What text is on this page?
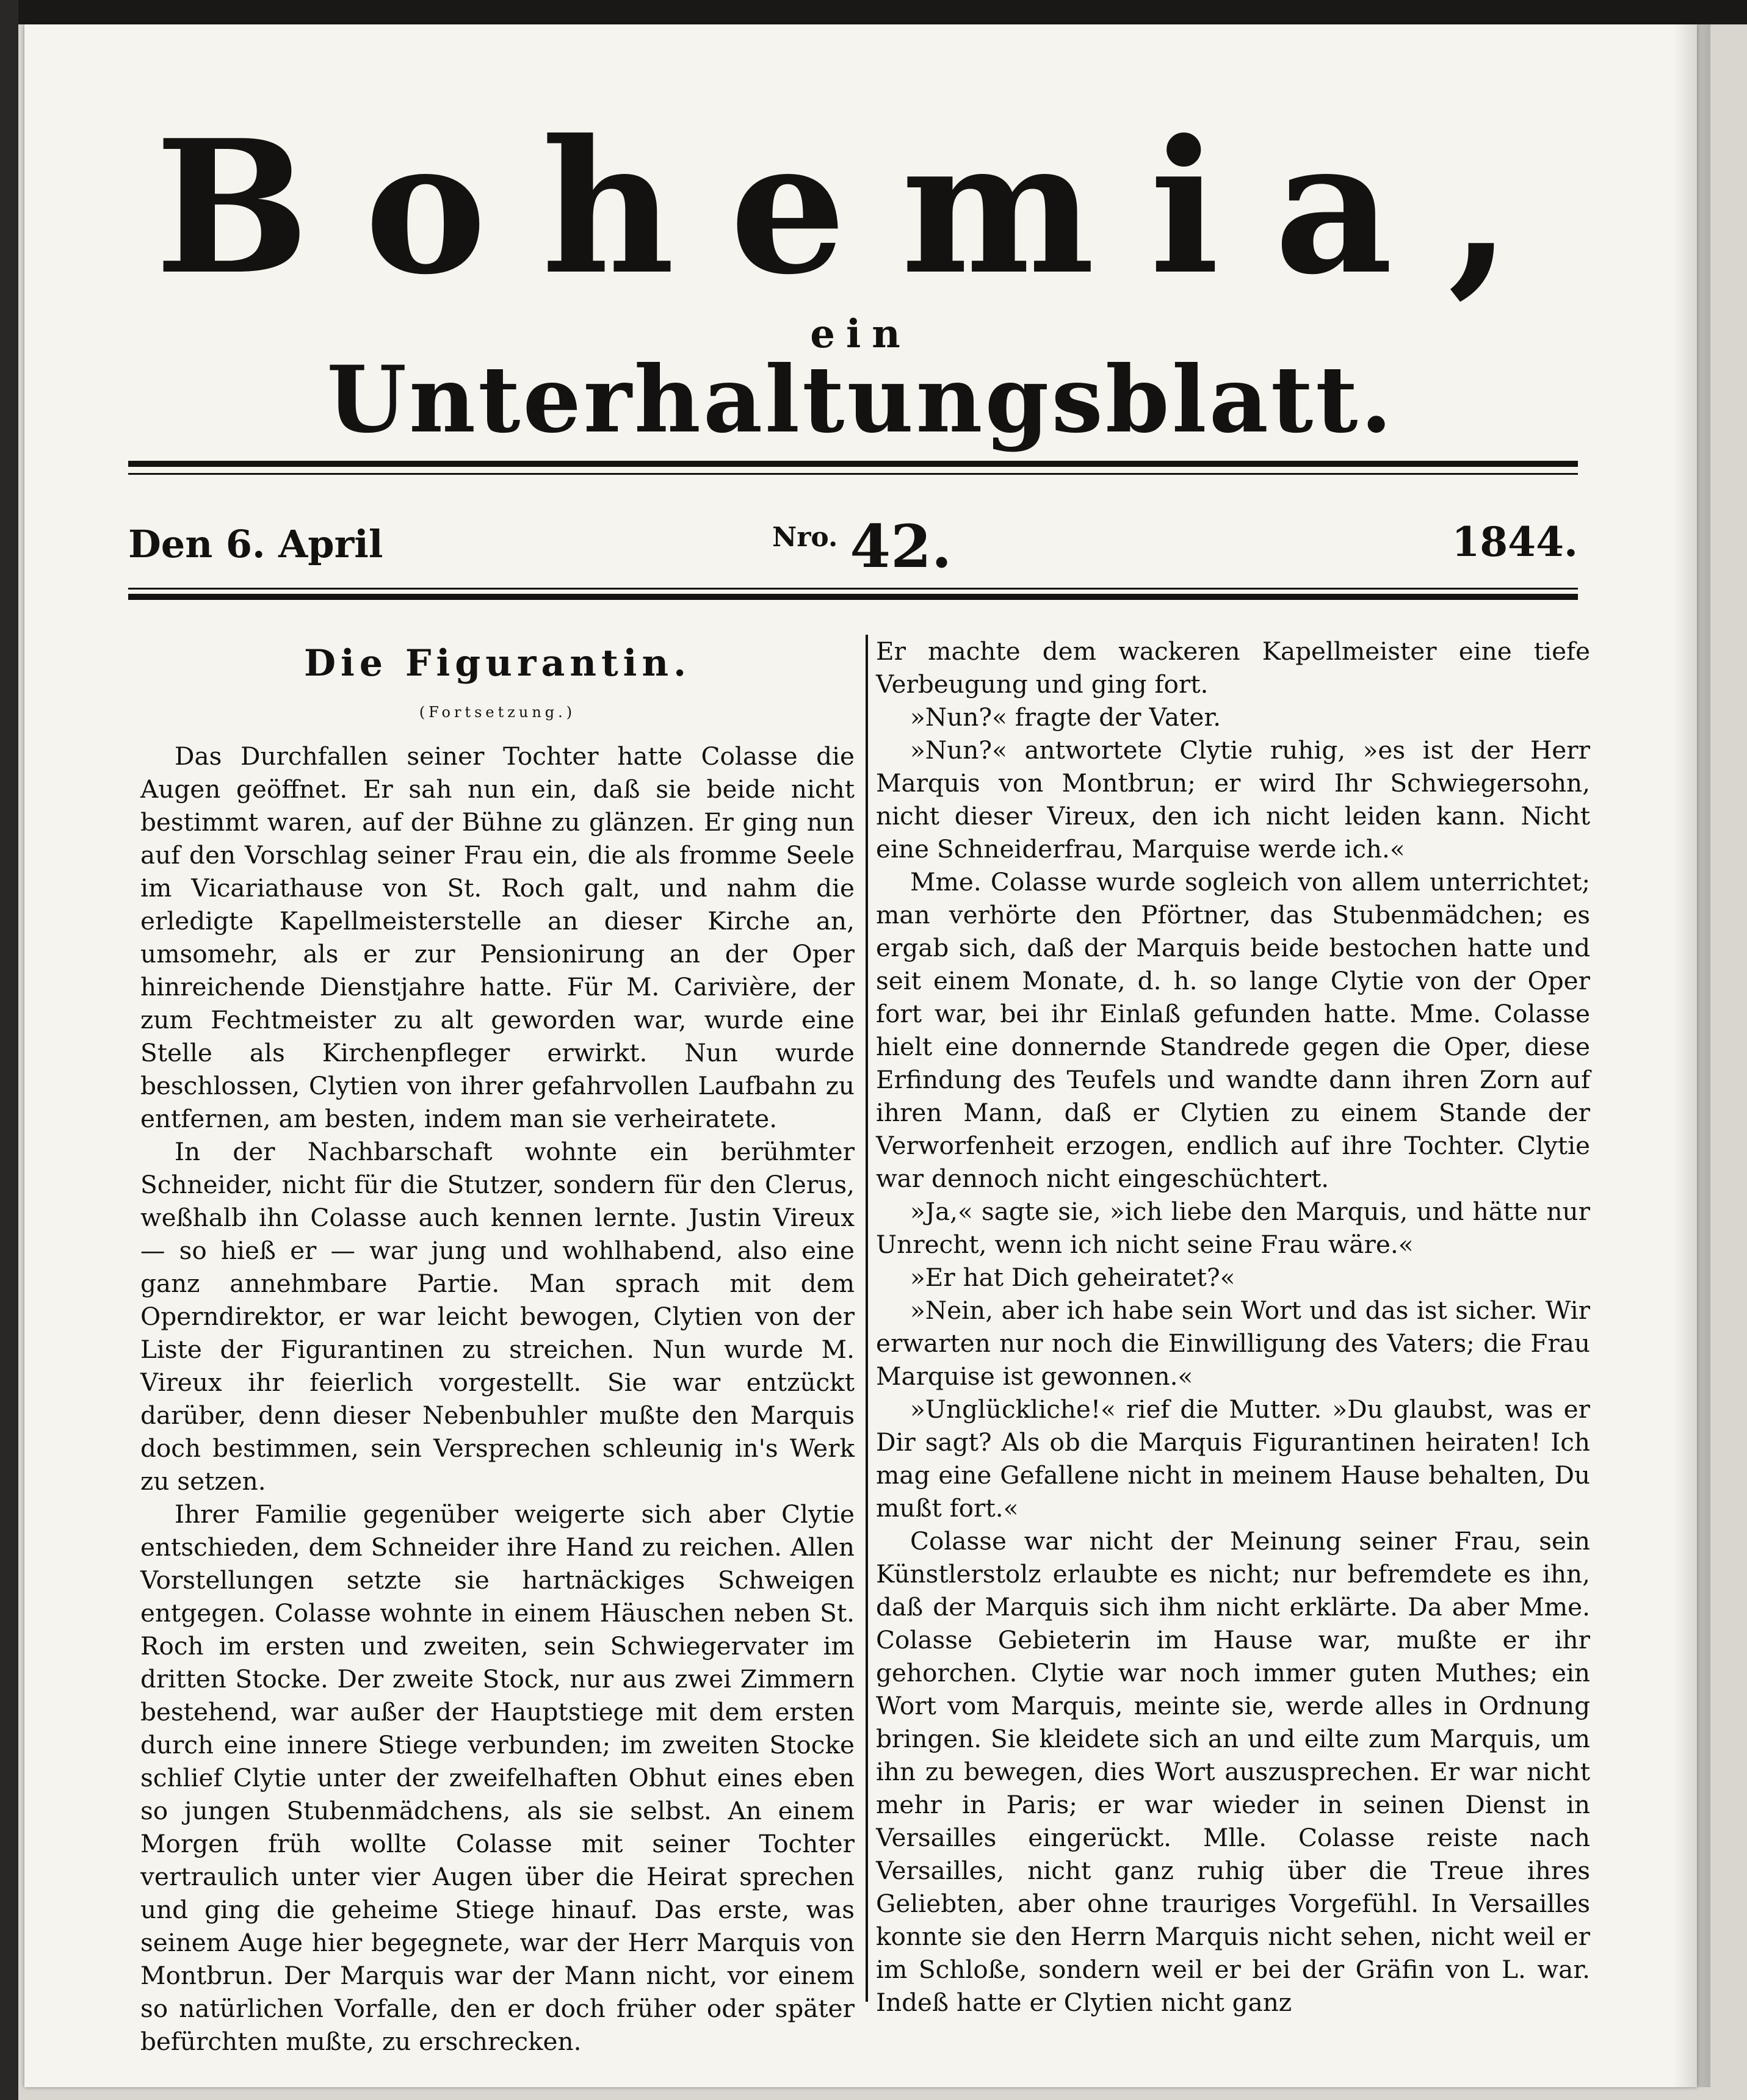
Bohemia,
ein
Unterhaltungsblatt.
Den 6. April	$^{Nro.}$ 42.	1844.
Die Figurantin.
(Fortsetzung.)

Das Durchfallen seiner Tochter hatte Colasse die Augen geöffnet. Er sah nun ein, daß sie beide nicht bestimmt waren, auf der Bühne zu glänzen. Er ging nun auf den Vorschlag seiner Frau ein, die als fromme Seele im Vicariathause von St. Roch galt, und nahm die erledigte Kapellmeisterstelle an dieser Kirche an, umsomehr, als er zur Pensionirung an der Oper hinreichende Dienstjahre hatte. Für M. Carivière, der zum Fechtmeister zu alt geworden war, wurde eine Stelle als Kirchenpfleger erwirkt. Nun wurde beschlossen, Clytien von ihrer gefahrvollen Laufbahn zu entfernen, am besten, indem man sie verheiratete.

In der Nachbarschaft wohnte ein berühmter Schneider, nicht für die Stutzer, sondern für den Clerus, weßhalb ihn Colasse auch kennen lernte. Justin Vireux — so hieß er — war jung und wohlhabend, also eine ganz annehmbare Partie. Man sprach mit dem Operndirektor, er war leicht bewogen, Clytien von der Liste der Figurantinen zu streichen. Nun wurde M. Vireux ihr feierlich vorgestellt. Sie war entzückt darüber, denn dieser Nebenbuhler mußte den Marquis doch bestimmen, sein Versprechen schleunig in's Werk zu setzen.

Ihrer Familie gegenüber weigerte sich aber Clytie entschieden, dem Schneider ihre Hand zu reichen. Allen Vorstellungen setzte sie hartnäckiges Schweigen entgegen. Colasse wohnte in einem Häuschen neben St. Roch im ersten und zweiten, sein Schwiegervater im dritten Stocke. Der zweite Stock, nur aus zwei Zimmern bestehend, war außer der Hauptstiege mit dem ersten durch eine innere Stiege verbunden; im zweiten Stocke schlief Clytie unter der zweifelhaften Obhut eines eben so jungen Stubenmädchens, als sie selbst. An einem Morgen früh wollte Colasse mit seiner Tochter vertraulich unter vier Augen über die Heirat sprechen und ging die geheime Stiege hinauf. Das erste, was seinem Auge hier begegnete, war der Herr Marquis von Montbrun. Der Marquis war der Mann nicht, vor einem so natürlichen Vorfalle, den er doch früher oder später befürchten mußte, zu erschrecken.

Er machte dem wackeren Kapellmeister eine tiefe Verbeugung und ging fort.

»Nun?« fragte der Vater.

»Nun?« antwortete Clytie ruhig, »es ist der Herr Marquis von Montbrun; er wird Ihr Schwiegersohn, nicht dieser Vireux, den ich nicht leiden kann. Nicht eine Schneiderfrau, Marquise werde ich.«

Mme. Colasse wurde sogleich von allem unterrichtet; man verhörte den Pförtner, das Stubenmädchen; es ergab sich, daß der Marquis beide bestochen hatte und seit einem Monate, d. h. so lange Clytie von der Oper fort war, bei ihr Einlaß gefunden hatte. Mme. Colasse hielt eine donnernde Standrede gegen die Oper, diese Erfindung des Teufels und wandte dann ihren Zorn auf ihren Mann, daß er Clytien zu einem Stande der Verworfenheit erzogen, endlich auf ihre Tochter. Clytie war dennoch nicht eingeschüchtert.

»Ja,« sagte sie, »ich liebe den Marquis, und hätte nur Unrecht, wenn ich nicht seine Frau wäre.«

»Er hat Dich geheiratet?«

»Nein, aber ich habe sein Wort und das ist sicher. Wir erwarten nur noch die Einwilligung des Vaters; die Frau Marquise ist gewonnen.«

»Unglückliche!« rief die Mutter. »Du glaubst, was er Dir sagt? Als ob die Marquis Figurantinen heiraten! Ich mag eine Gefallene nicht in meinem Hause behalten, Du mußt fort.«

Colasse war nicht der Meinung seiner Frau, sein Künstlerstolz erlaubte es nicht; nur befremdete es ihn, daß der Marquis sich ihm nicht erklärte. Da aber Mme. Colasse Gebieterin im Hause war, mußte er ihr gehorchen. Clytie war noch immer guten Muthes; ein Wort vom Marquis, meinte sie, werde alles in Ordnung bringen. Sie kleidete sich an und eilte zum Marquis, um ihn zu bewegen, dies Wort auszusprechen. Er war nicht mehr in Paris; er war wieder in seinen Dienst in Versailles eingerückt. Mlle. Colasse reiste nach Versailles, nicht ganz ruhig über die Treue ihres Geliebten, aber ohne trauriges Vorgefühl. In Versailles konnte sie den Herrn Marquis nicht sehen, nicht weil er im Schloße, sondern weil er bei der Gräfin von L. war. Indeß hatte er Clytien nicht ganz
